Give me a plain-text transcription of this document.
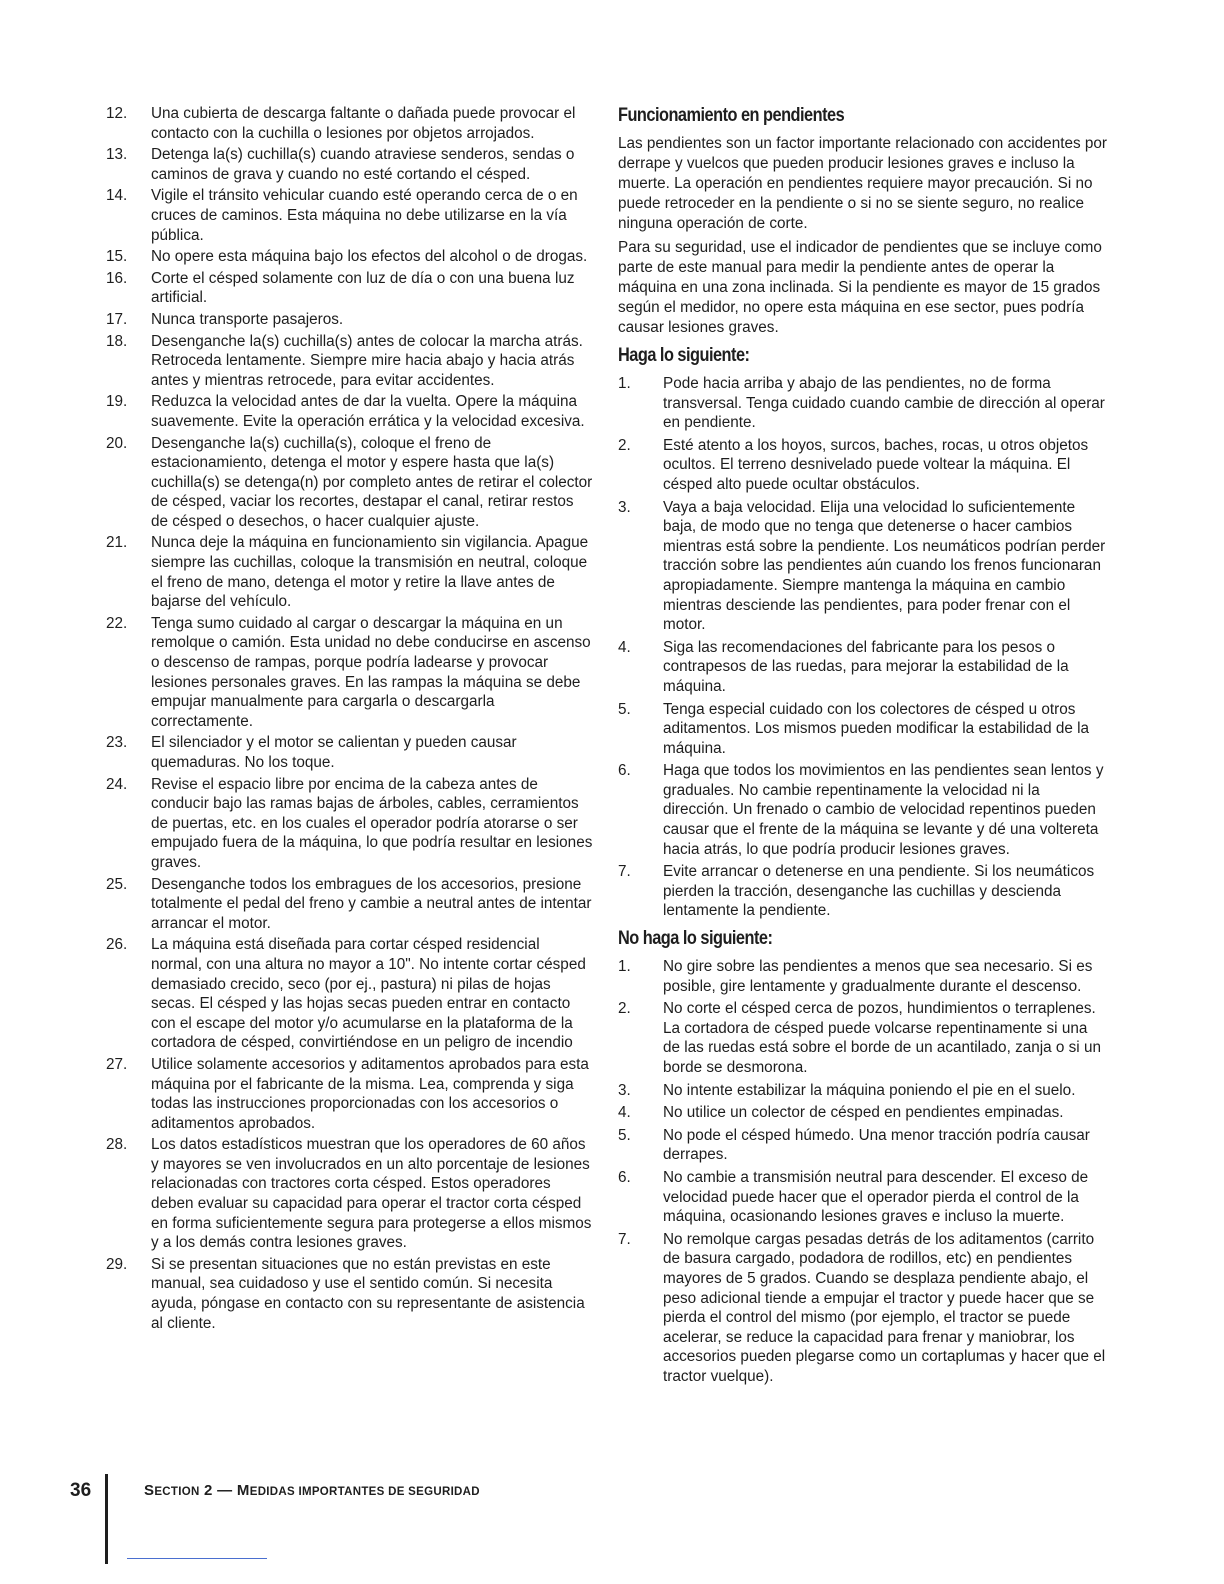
12. Una cubierta de descarga faltante o dañada puede provocar el contacto con la cuchilla o lesiones por objetos arrojados.
13. Detenga la(s) cuchilla(s) cuando atraviese senderos, sendas o caminos de grava y cuando no esté cortando el césped.
14. Vigile el tránsito vehicular cuando esté operando cerca de o en cruces de caminos. Esta máquina no debe utilizarse en la vía pública.
15. No opere esta máquina bajo los efectos del alcohol o de drogas.
16. Corte el césped solamente con luz de día o con una buena luz artificial.
17. Nunca transporte pasajeros.
18. Desenganche la(s) cuchilla(s) antes de colocar la marcha atrás. Retroceda lentamente. Siempre mire hacia abajo y hacia atrás antes y mientras retrocede, para evitar accidentes.
19. Reduzca la velocidad antes de dar la vuelta. Opere la máquina suavemente. Evite la operación errática y la velocidad excesiva.
20. Desenganche la(s) cuchilla(s), coloque el freno de estacionamiento, detenga el motor y espere hasta que la(s) cuchilla(s) se detenga(n) por completo antes de retirar el colector de césped, vaciar los recortes, destapar el canal, retirar restos de césped o desechos, o hacer cualquier ajuste.
21. Nunca deje la máquina en funcionamiento sin vigilancia. Apague siempre las cuchillas, coloque la transmisión en neutral, coloque el freno de mano, detenga el motor y retire la llave antes de bajarse del vehículo.
22. Tenga sumo cuidado al cargar o descargar la máquina en un remolque o camión. Esta unidad no debe conducirse en ascenso o descenso de rampas, porque podría ladearse y provocar lesiones personales graves. En las rampas la máquina se debe empujar manualmente para cargarla o descargarla correctamente.
23. El silenciador y el motor se calientan y pueden causar quemaduras. No los toque.
24. Revise el espacio libre por encima de la cabeza antes de conducir bajo las ramas bajas de árboles, cables, cerramientos de puertas, etc. en los cuales el operador podría atorarse o ser empujado fuera de la máquina, lo que podría resultar en lesiones graves.
25. Desenganche todos los embragues de los accesorios, presione totalmente el pedal del freno y cambie a neutral antes de intentar arrancar el motor.
26. La máquina está diseñada para cortar césped residencial normal, con una altura no mayor a 10". No intente cortar césped demasiado crecido, seco (por ej., pastura) ni pilas de hojas secas. El césped y las hojas secas pueden entrar en contacto con el escape del motor y/o acumularse en la plataforma de la cortadora de césped, convirtiéndose en un peligro de incendio
27. Utilice solamente accesorios y aditamentos aprobados para esta máquina por el fabricante de la misma. Lea, comprenda y siga todas las instrucciones proporcionadas con los accesorios o aditamentos aprobados.
28. Los datos estadísticos muestran que los operadores de 60 años y mayores se ven involucrados en un alto porcentaje de lesiones relacionadas con tractores corta césped. Estos operadores deben evaluar su capacidad para operar el tractor corta césped en forma suficientemente segura para protegerse a ellos mismos y a los demás contra lesiones graves.
29. Si se presentan situaciones que no están previstas en este manual, sea cuidadoso y use el sentido común. Si necesita ayuda, póngase en contacto con su representante de asistencia al cliente.
Funcionamiento en pendientes

Las pendientes son un factor importante relacionado con accidentes por derrape y vuelcos que pueden producir lesiones graves e incluso la muerte. La operación en pendientes requiere mayor precaución. Si no puede retroceder en la pendiente o si no se siente seguro, no realice ninguna operación de corte.

Para su seguridad, use el indicador de pendientes que se incluye como parte de este manual para medir la pendiente antes de operar la máquina en una zona inclinada. Si la pendiente es mayor de 15 grados según el medidor, no opere esta máquina en ese sector, pues podría causar lesiones graves.

Haga lo siguiente:
1. Pode hacia arriba y abajo de las pendientes, no de forma transversal. Tenga cuidado cuando cambie de dirección al operar en pendiente.
2. Esté atento a los hoyos, surcos, baches, rocas, u otros objetos ocultos. El terreno desnivelado puede voltear la máquina. El césped alto puede ocultar obstáculos.
3. Vaya a baja velocidad. Elija una velocidad lo suficientemente baja, de modo que no tenga que detenerse o hacer cambios mientras está sobre la pendiente. Los neumáticos podrían perder tracción sobre las pendientes aún cuando los frenos funcionaran apropiadamente. Siempre mantenga la máquina en cambio mientras desciende las pendientes, para poder frenar con el motor.
4. Siga las recomendaciones del fabricante para los pesos o contrapesos de las ruedas, para mejorar la estabilidad de la máquina.
5. Tenga especial cuidado con los colectores de césped u otros aditamentos. Los mismos pueden modificar la estabilidad de la máquina.
6. Haga que todos los movimientos en las pendientes sean lentos y graduales. No cambie repentinamente la velocidad ni la dirección. Un frenado o cambio de velocidad repentinos pueden causar que el frente de la máquina se levante y dé una voltereta hacia atrás, lo que podría producir lesiones graves.
7. Evite arrancar o detenerse en una pendiente. Si los neumáticos pierden la tracción, desenganche las cuchillas y descienda lentamente la pendiente.
No haga lo siguiente:
1. No gire sobre las pendientes a menos que sea necesario. Si es posible, gire lentamente y gradualmente durante el descenso.
2. No corte el césped cerca de pozos, hundimientos o terraplenes. La cortadora de césped puede volcarse repentinamente si una de las ruedas está sobre el borde de un acantilado, zanja o si un borde se desmorona.
3. No intente estabilizar la máquina poniendo el pie en el suelo.
4. No utilice un colector de césped en pendientes empinadas.
5. No pode el césped húmedo. Una menor tracción podría causar derrapes.
6. No cambie a transmisión neutral para descender. El exceso de velocidad puede hacer que el operador pierda el control de la máquina, ocasionando lesiones graves e incluso la muerte.
7. No remolque cargas pesadas detrás de los aditamentos (carrito de basura cargado, podadora de rodillos, etc) en pendientes mayores de 5 grados. Cuando se desplaza pendiente abajo, el peso adicional tiende a empujar el tractor y puede hacer que se pierda el control del mismo (por ejemplo, el tractor se puede acelerar, se reduce la capacidad para frenar y maniobrar, los accesorios pueden plegarse como un cortaplumas y hacer que el tractor vuelque).
36	SECTION 2 — MEDIDAS IMPORTANTES DE SEGURIDAD
